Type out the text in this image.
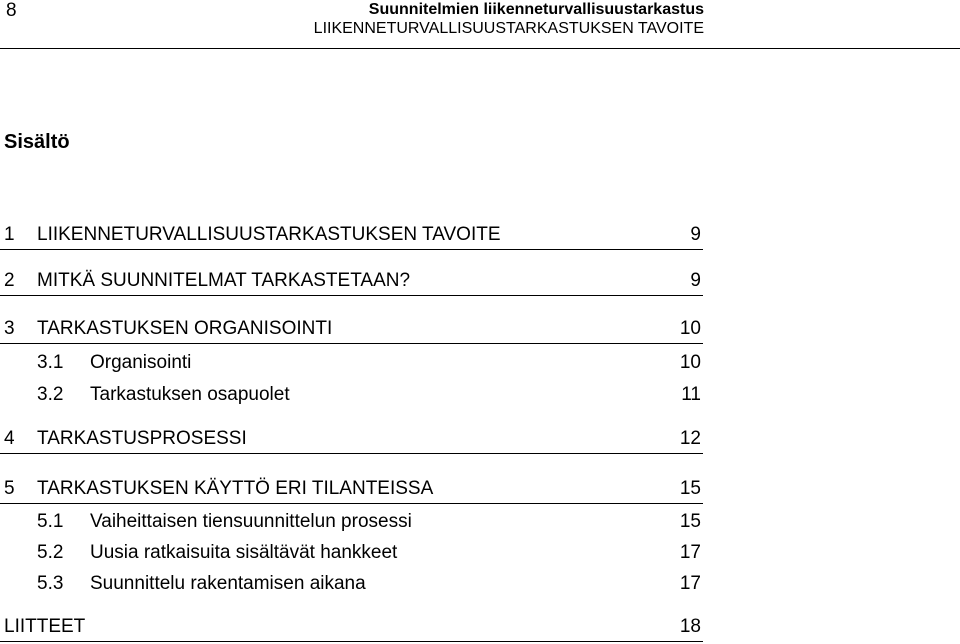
8	Suunnitelmien liikenneturvallisuustarkastus
LIIKENNETURVALLISUUSTARKASTUKSEN TAVOITE
Sisältö
1 LIIKENNETURVALLISUUSTARKASTUKSEN TAVOITE	9
2 MITKÄ SUUNNITELMAT TARKASTETAAN?	9
3 TARKASTUKSEN ORGANISOINTI	10
3.1 Organisointi	10
3.2 Tarkastuksen osapuolet	11
4 TARKASTUSPROSESSI	12
5 TARKASTUKSEN KÄYTTÖ ERI TILANTEISSA	15
5.1 Vaiheittaisen tiensuunnittelun prosessi	15
5.2 Uusia ratkaisuita sisältävät hankkeet	17
5.3 Suunnittelu rakentamisen aikana	17
LIITTEET	18
